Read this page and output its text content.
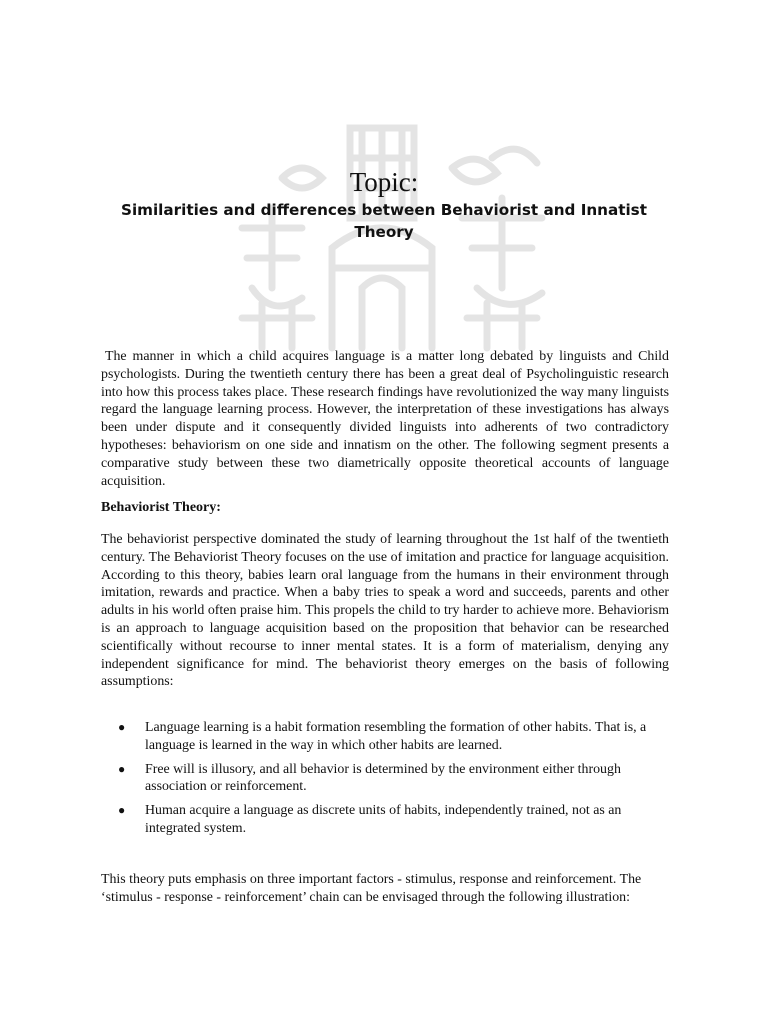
Topic:
Similarities and differences between Behaviorist and Innatist Theory

The manner in which a child acquires language is a matter long debated by linguists and Child psychologists. During the twentieth century there has been a great deal of Psycholinguistic research into how this process takes place. These research findings have revolutionized the way many linguists regard the language learning process. However, the interpretation of these investigations has always been under dispute and it consequently divided linguists into adherents of two contradictory hypotheses: behaviorism on one side and innatism on the other. The following segment presents a comparative study between these two diametrically opposite theoretical accounts of language acquisition.

Behaviorist Theory:

The behaviorist perspective dominated the study of learning throughout the 1st half of the twentieth century. The Behaviorist Theory focuses on the use of imitation and practice for language acquisition. According to this theory, babies learn oral language from the humans in their environment through imitation, rewards and practice. When a baby tries to speak a word and succeeds, parents and other adults in his world often praise him. This propels the child to try harder to achieve more. Behaviorism is an approach to language acquisition based on the proposition that behavior can be researched scientifically without recourse to inner mental states. It is a form of materialism, denying any independent significance for mind. The behaviorist theory emerges on the basis of following assumptions:

● Language learning is a habit formation resembling the formation of other habits. That is, a language is learned in the way in which other habits are learned.
● Free will is illusory, and all behavior is determined by the environment either through association or reinforcement.
● Human acquire a language as discrete units of habits, independently trained, not as an integrated system.

This theory puts emphasis on three important factors - stimulus, response and reinforcement. The ‘stimulus - response - reinforcement’ chain can be envisaged through the following illustration:
